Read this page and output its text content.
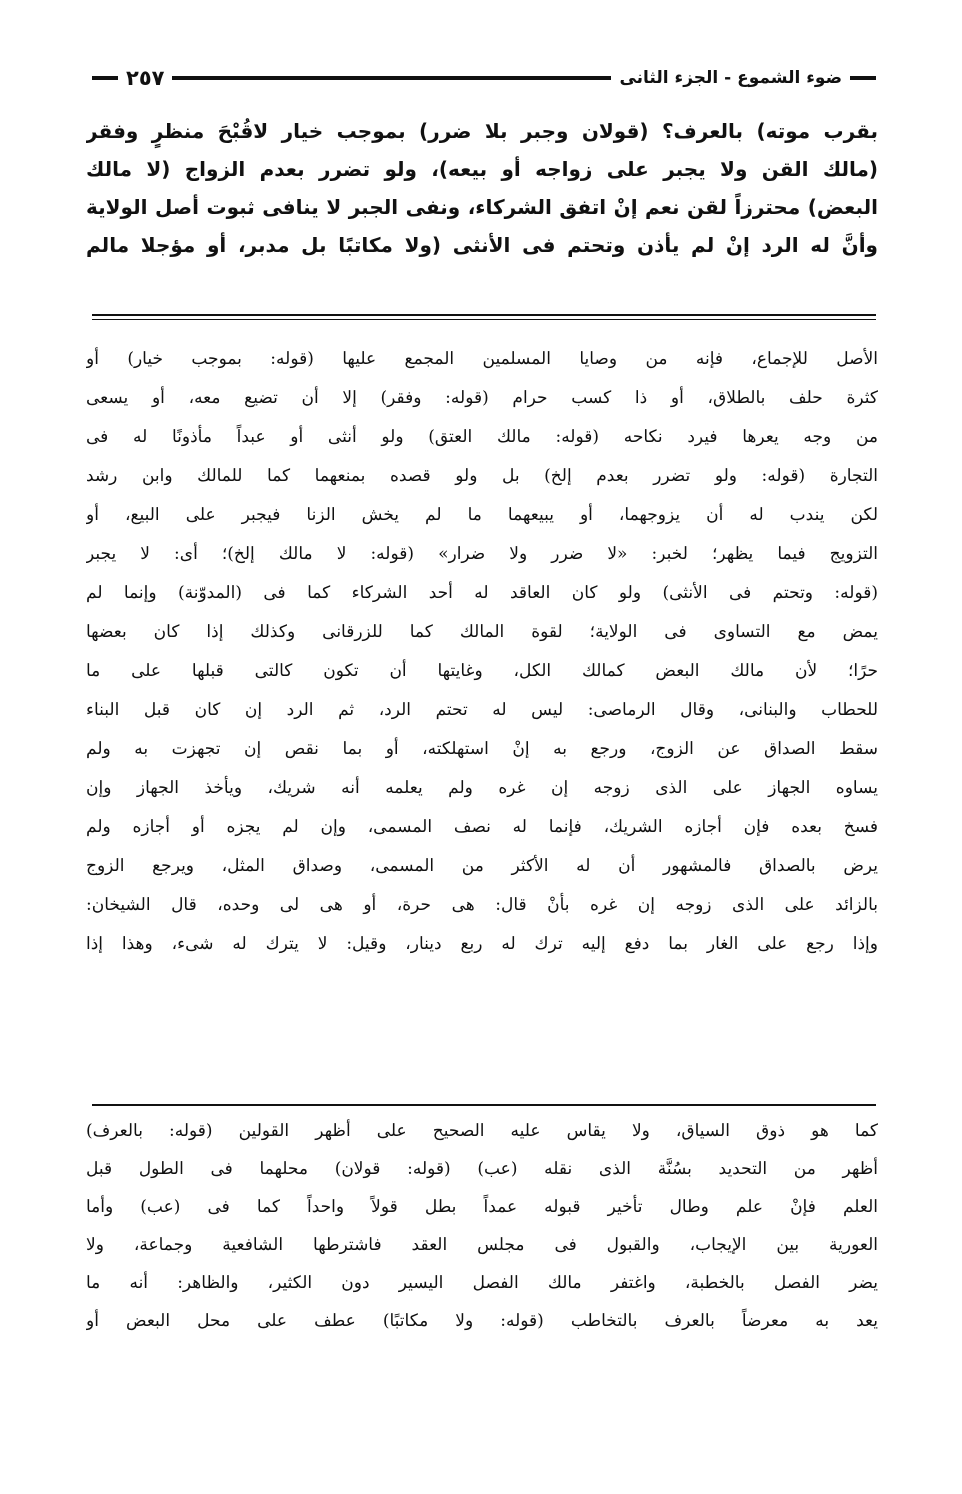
ضوء الشموع - الجزء الثانى
٢٥٧
بقرب موته) بالعرف؟ (قولان وجبر بلا ضرر) بموجب خيار لاقُبْحَ منظرٍ وفقر
(مالك القن ولا يجبر على زواجه أو بيعه)، ولو تضرر بعدم الزواج (لا مالك
البعض) محترزاً لقن نعم إنْ اتفق الشركاء، ونفى الجبر لا ينافى ثبوت أصل الولاية
وأنَّ له الرد إنْ لم يأذن وتحتم فى الأنثى (ولا مكاتبًا بل مدبر، أو مؤجلا مالم
الأصل للإجماع، فإنه من وصايا المسلمين المجمع عليها (قوله: بموجب خيار) أو
كثرة حلف بالطلاق، أو ذا كسب حرام (قوله: وفقر) إلا أن تضيع معه، أو يسعى
من وجه يعرها فيرد نكاحه (قوله: مالك العتق) ولو أنثى أو عبداً مأذونًا له فى
التجارة (قوله: ولو تضرر بعدم إلخ) بل ولو قصده بمنعهما كما للمالك وابن رشد
لكن يندب له أن يزوجهما، أو يبيعهما ما لم يخش الزنا فيجبر على البيع، أو
التزويج فيما يظهر؛ لخبر: «لا ضرر ولا ضرار» (قوله: لا مالك إلخ)؛ أى: لا يجبر
(قوله: وتحتم فى الأنثى) ولو كان العاقد له أحد الشركاء كما فى (المدوّنة) وإنما لم
يمض مع التساوى فى الولاية؛ لقوة المالك كما للزرقانى وكذلك إذا كان بعضها
حرًا؛ لأن مالك البعض كمالك الكل، وغايتها أن تكون كالتى قبلها على ما
للحطاب والبنانى، وقال الرماصى: ليس له تحتم الرد، ثم الرد إن كان قبل البناء
سقط الصداق عن الزوج، ورجع به إنْ استهلكته، أو بما نقص إن تجهزت به ولم
يساوه الجهاز على الذى زوجه إن غره ولم يعلمه أنه شريك، ويأخذ الجهاز وإن
فسخ بعده فإن أجازه الشريك، فإنما له نصف المسمى، وإن لم يجزه أو أجازه ولم
يرض بالصداق فالمشهور أن له الأكثر من المسمى، وصداق المثل، ويرجع الزوج
بالزائد على الذى زوجه إن غره بأنْ قال: هى حرة، أو هى لى وحده، قال الشيخان:
وإذا رجع على الغار بما دفع إليه ترك له ربع دينار، وقيل: لا يترك له شىء، وهذا إذا
كما هو ذوق السياق، ولا يقاس عليه الصحيح على أظهر القولين (قوله: بالعرف)
أظهر من التحديد بسُنَّة الذى نقله (عب) (قوله: قولان) محلهما فى الطول قبل
العلم فإنْ علم وطال تأخير قبوله عمداً بطل قولاً واحداً كما فى (عب) وأما
العورية بين الإيجاب، والقبول فى مجلس العقد فاشترطها الشافعية وجماعة، ولا
يضر الفصل بالخطبة، واغتفر مالك الفصل اليسير دون الكثير، والظاهر: أنه ما
يعد به معرضاً بالعرف بالتخاطب (قوله: ولا مكاتبًا) عطف على محل البعض أو
